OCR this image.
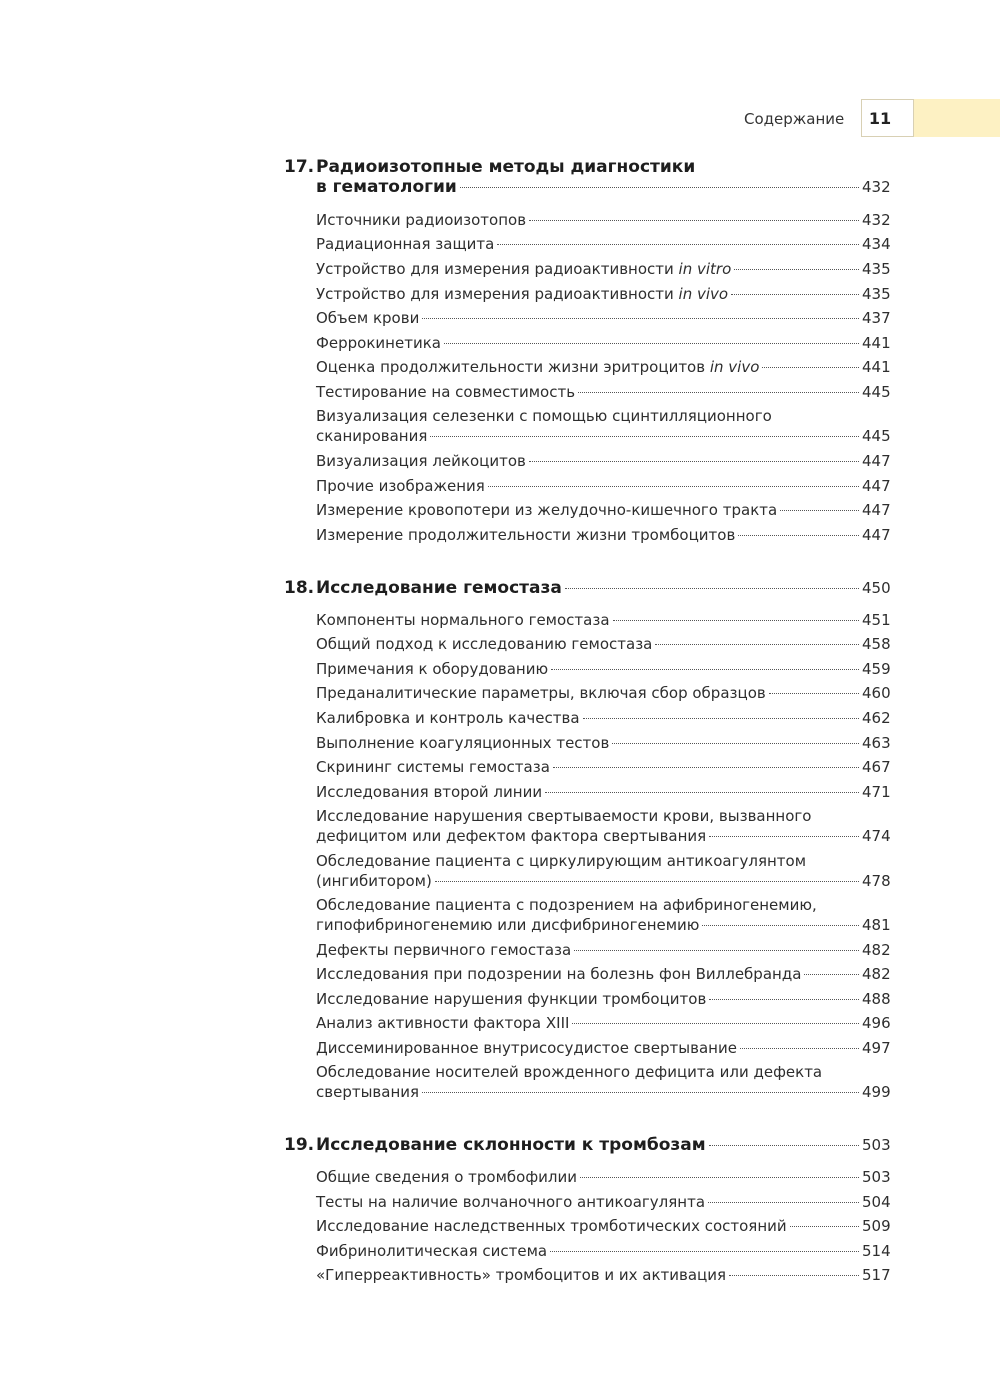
Содержание	11
17. Радиоизотопные методы диагностики
в гематологии	432
Источники радиоизотопов	432
Радиационная защита	434
Устройство для измерения радиоактивности in vitro	435
Устройство для измерения радиоактивности in vivo	435
Объем крови	437
Феррокинетика	441
Оценка продолжительности жизни эритроцитов in vivo	441
Тестирование на совместимость	445
Визуализация селезенки с помощью сцинтилляционного
сканирования	445
Визуализация лейкоцитов	447
Прочие изображения	447
Измерение кровопотери из желудочно-кишечного тракта	447
Измерение продолжительности жизни тромбоцитов	447
18. Исследование гемостаза	450
Компоненты нормального гемостаза	451
Общий подход к исследованию гемостаза	458
Примечания к оборудованию	459
Преданалитические параметры, включая сбор образцов	460
Калибровка и контроль качества	462
Выполнение коагуляционных тестов	463
Скрининг системы гемостаза	467
Исследования второй линии	471
Исследование нарушения свертываемости крови, вызванного
дефицитом или дефектом фактора свертывания	474
Обследование пациента с циркулирующим антикоагулянтом
(ингибитором)	478
Обследование пациента с подозрением на афибриногенемию,
гипофибриногенемию или дисфибриногенемию	481
Дефекты первичного гемостаза	482
Исследования при подозрении на болезнь фон Виллебранда	482
Исследование нарушения функции тромбоцитов	488
Анализ активности фактора XIII	496
Диссеминированное внутрисосудистое свертывание	497
Обследование носителей врожденного дефицита или дефекта
свертывания	499
19. Исследование склонности к тромбозам	503
Общие сведения о тромбофилии	503
Тесты на наличие волчаночного антикоагулянта	504
Исследование наследственных тромботических состояний	509
Фибринолитическая система	514
«Гиперреактивность» тромбоцитов и их активация	517
